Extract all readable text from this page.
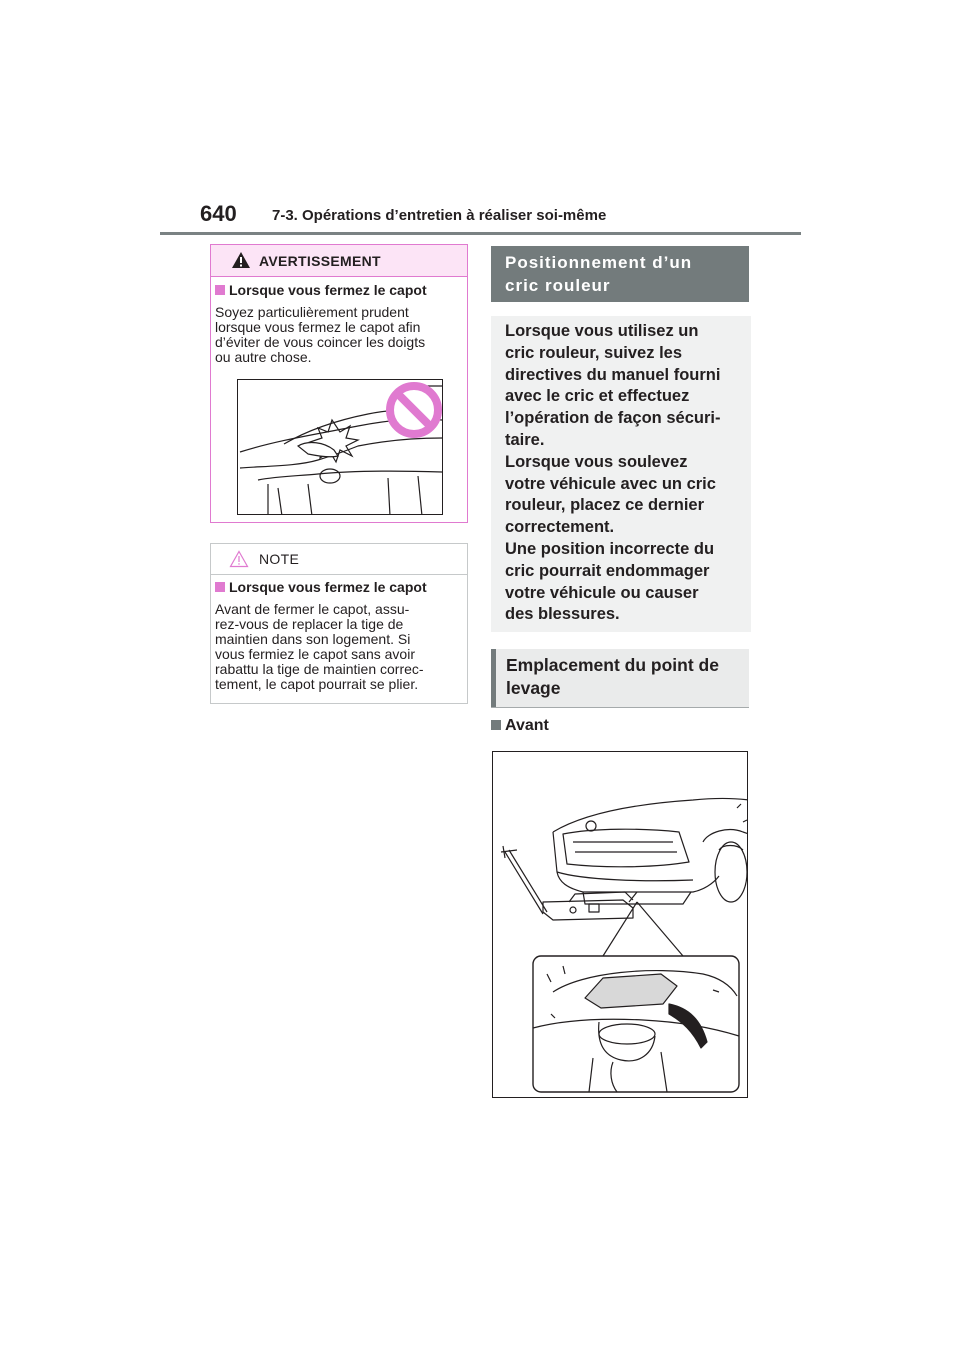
640 7-3. Opérations d’entretien à réaliser soi-même
AVERTISSEMENT
Lorsque vous fermez le capot
Soyez particulièrement prudent
lorsque vous fermez le capot afin
d’éviter de vous coincer les doigts
ou autre chose.
NOTE
Lorsque vous fermez le capot
Avant de fermer le capot, assu-
rez-vous de replacer la tige de
maintien dans son logement. Si
vous fermiez le capot sans avoir
rabattu la tige de maintien correc-
tement, le capot pourrait se plier.
Positionnement d’un
cric rouleur
Lorsque vous utilisez un
cric rouleur, suivez les
directives du manuel fourni
avec le cric et effectuez
l’opération de façon sécuri-
taire.
Lorsque vous soulevez
votre véhicule avec un cric
rouleur, placez ce dernier
correctement.
Une position incorrecte du
cric pourrait endommager
votre véhicule ou causer
des blessures.
Emplacement du point de
levage
Avant
